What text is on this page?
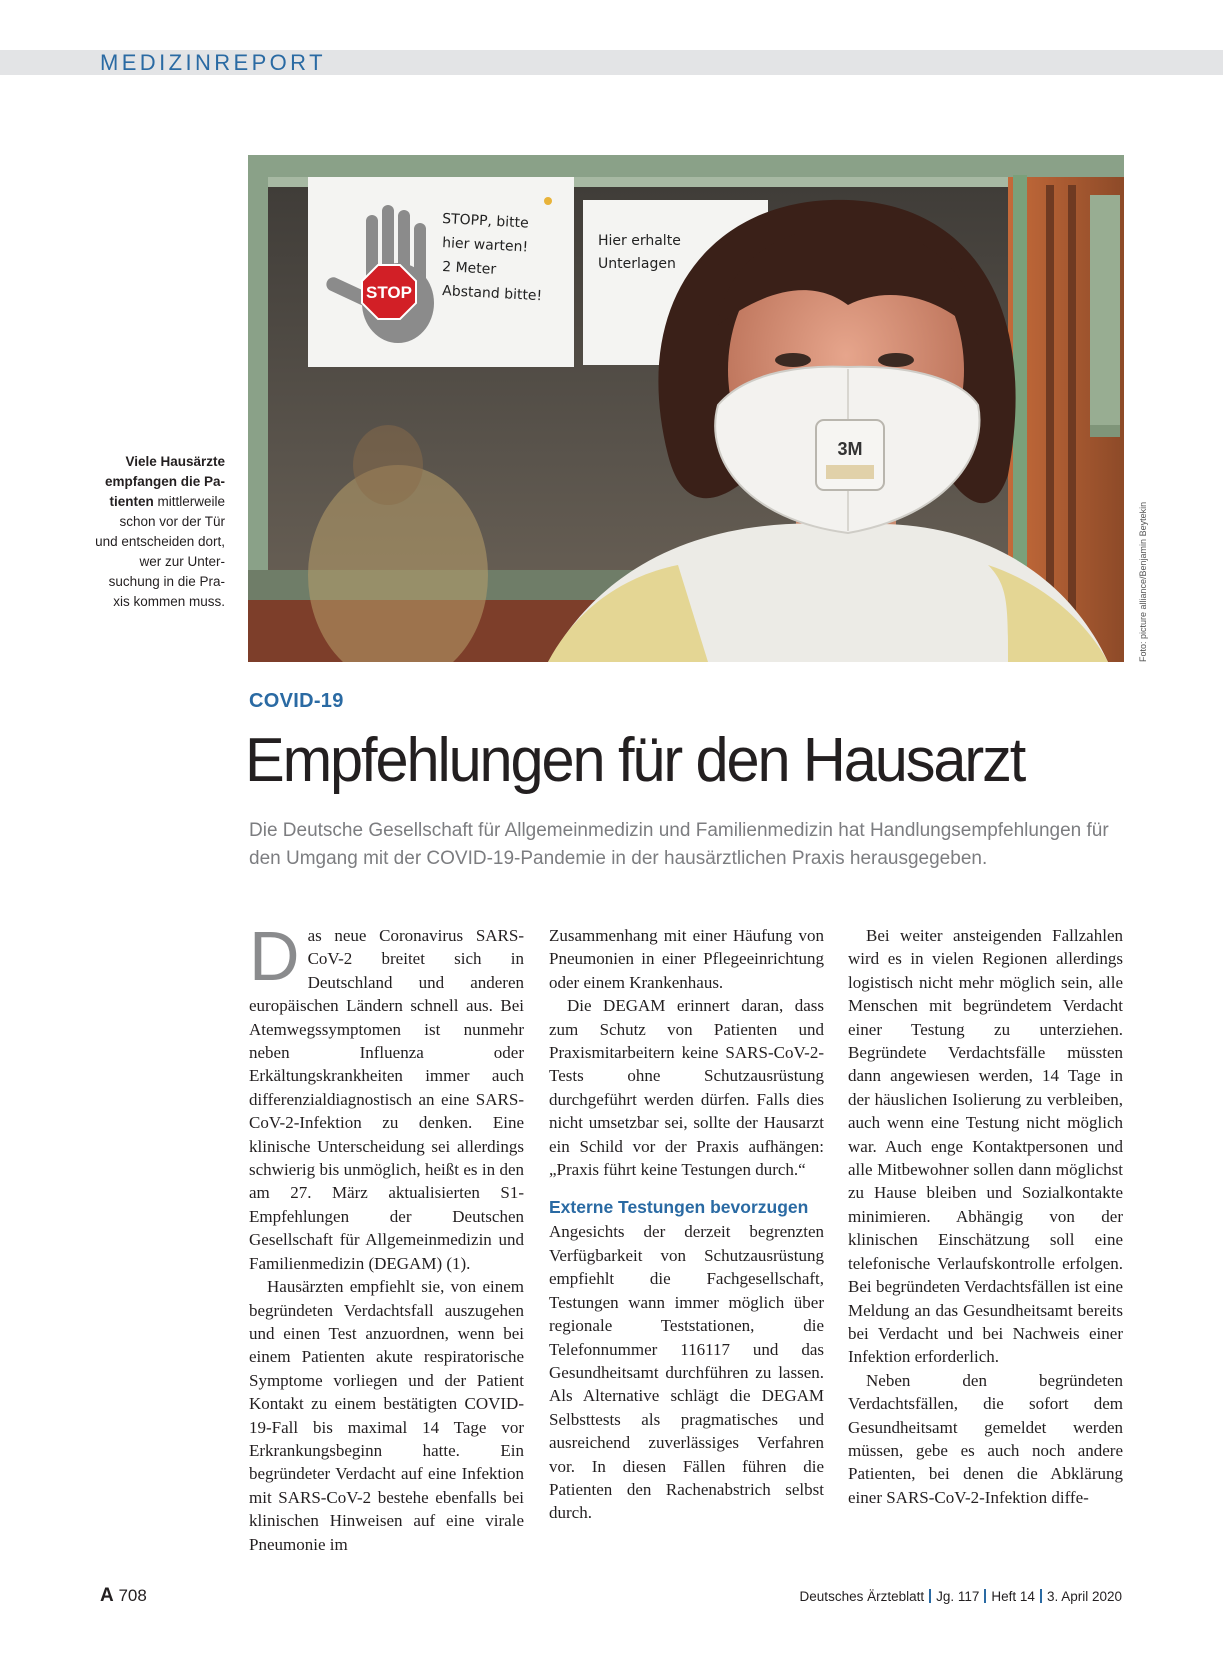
MEDIZINREPORT
STOP
STOPP, bitte
hier warten!
2 Meter
Abstand bitte!
Hier erhalte
Unterlagen
3M
Foto: picture alliance/Benjamin Beytekin
Viele Hausärzte empfangen die Pa-tienten mittlerweile schon vor der Tür und entscheiden dort, wer zur Unter-suchung in die Pra-xis kommen muss.
COVID-19
Empfehlungen für den Hausarzt

Die Deutsche Gesellschaft für Allgemeinmedizin und Familienmedizin hat Handlungsempfehlungen für den Umgang mit der COVID-19-Pandemie in der hausärztlichen Praxis herausgegeben.

Das neue Coronavirus SARS-CoV-2 breitet sich in Deutschland und anderen europäischen Ländern schnell aus. Bei Atemwegssymptomen ist nunmehr neben Influenza oder Erkältungskrankheiten immer auch differenzialdiagnostisch an eine SARS-CoV-2-Infektion zu denken. Eine klinische Unterscheidung sei allerdings schwierig bis unmöglich, heißt es in den am 27. März aktualisierten S1-Empfehlungen der Deutschen Gesellschaft für Allgemeinmedizin und Familienmedizin (DEGAM) (1).

Hausärzten empfiehlt sie, von einem begründeten Verdachtsfall auszugehen und einen Test anzuordnen, wenn bei einem Patienten akute respiratorische Symptome vorliegen und der Patient Kontakt zu einem bestätigten COVID-19-Fall bis maximal 14 Tage vor Erkrankungsbeginn hatte. Ein begründeter Verdacht auf eine Infektion mit SARS-CoV-2 bestehe ebenfalls bei klinischen Hinweisen auf eine virale Pneumonie im

Zusammenhang mit einer Häufung von Pneumonien in einer Pflegeeinrichtung oder einem Krankenhaus.

Die DEGAM erinnert daran, dass zum Schutz von Patienten und Praxismitarbeitern keine SARS-CoV-2-Tests ohne Schutzausrüstung durchgeführt werden dürfen. Falls dies nicht umsetzbar sei, sollte der Hausarzt ein Schild vor der Praxis aufhängen: „Praxis führt keine Testungen durch.“

Externe Testungen bevorzugen

Angesichts der derzeit begrenzten Verfügbarkeit von Schutzausrüstung empfiehlt die Fachgesellschaft, Testungen wann immer möglich über regionale Teststationen, die Telefonnummer 116117 und das Gesundheitsamt durchführen zu lassen. Als Alternative schlägt die DEGAM Selbsttests als pragmatisches und ausreichend zuverlässiges Verfahren vor. In diesen Fällen führen die Patienten den Rachenabstrich selbst durch.

Bei weiter ansteigenden Fallzahlen wird es in vielen Regionen allerdings logistisch nicht mehr möglich sein, alle Menschen mit begründetem Verdacht einer Testung zu unterziehen. Begründete Verdachtsfälle müssten dann angewiesen werden, 14 Tage in der häuslichen Isolierung zu verbleiben, auch wenn eine Testung nicht möglich war. Auch enge Kontaktpersonen und alle Mitbewohner sollen dann möglichst zu Hause bleiben und Sozialkontakte minimieren. Abhängig von der klinischen Einschätzung soll eine telefonische Verlaufskontrolle erfolgen. Bei begründeten Verdachtsfällen ist eine Meldung an das Gesundheitsamt bereits bei Verdacht und bei Nachweis einer Infektion erforderlich.

Neben den begründeten Verdachtsfällen, die sofort dem Gesundheitsamt gemeldet werden müssen, gebe es auch noch andere Patienten, bei denen die Abklärung einer SARS-CoV-2-Infektion diffe-

A 708	Deutsches Ärzteblatt Jg. 117 Heft 14 3. April 2020
